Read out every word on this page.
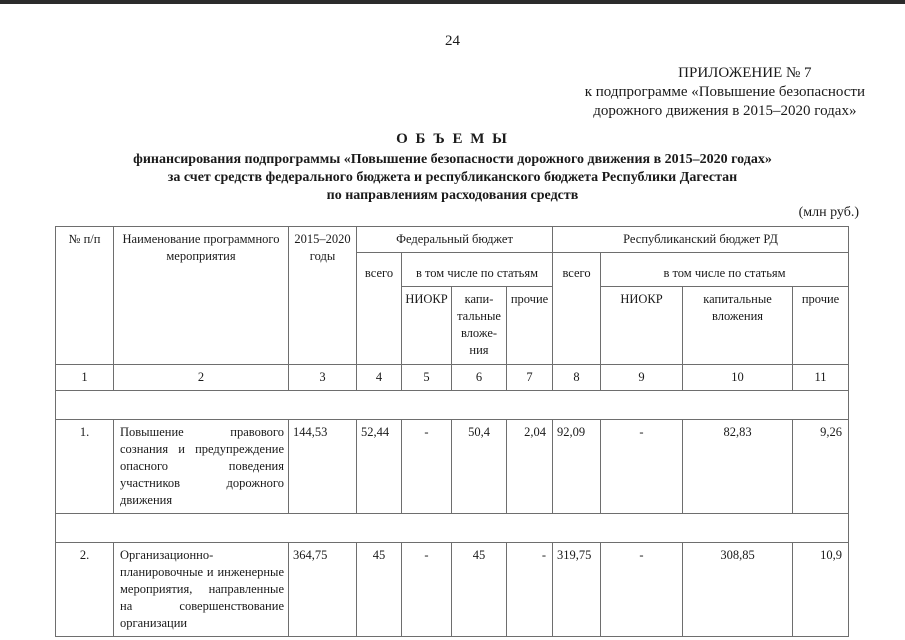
24
ПРИЛОЖЕНИЕ № 7
к подпрограмме «Повышение безопасности
дорожного движения в 2015–2020 годах»
О Б Ъ Е М Ы
финансирования подпрограммы «Повышение безопасности дорожного движения в 2015–2020 годах»
за счет средств федерального бюджета и республиканского бюджета Республики Дагестан
по направлениям расходования средств
(млн руб.)
№ п/п	Наименование программного мероприятия	2015–2020 годы	Федеральный бюджет				Республиканский бюджет РД			
			всего	в том числе по статьям			всего	в том числе по статьям		
				НИОКР	капи-тальные вложе-ния	прочие		НИОКР	капитальные вложения	прочие
1	2	3	4	5	6	7	8	9	10	11

1.	Повышение правового сознания и предупреждение опасного поведения участников дорожного движения	144,53	52,44	-	50,4	2,04	92,09	-	82,83	9,26

2.	Организационно-планировочные и инженерные мероприятия, направленные на совершенствование организации	364,75	45	-	45	-	319,75	-	308,85	10,9
